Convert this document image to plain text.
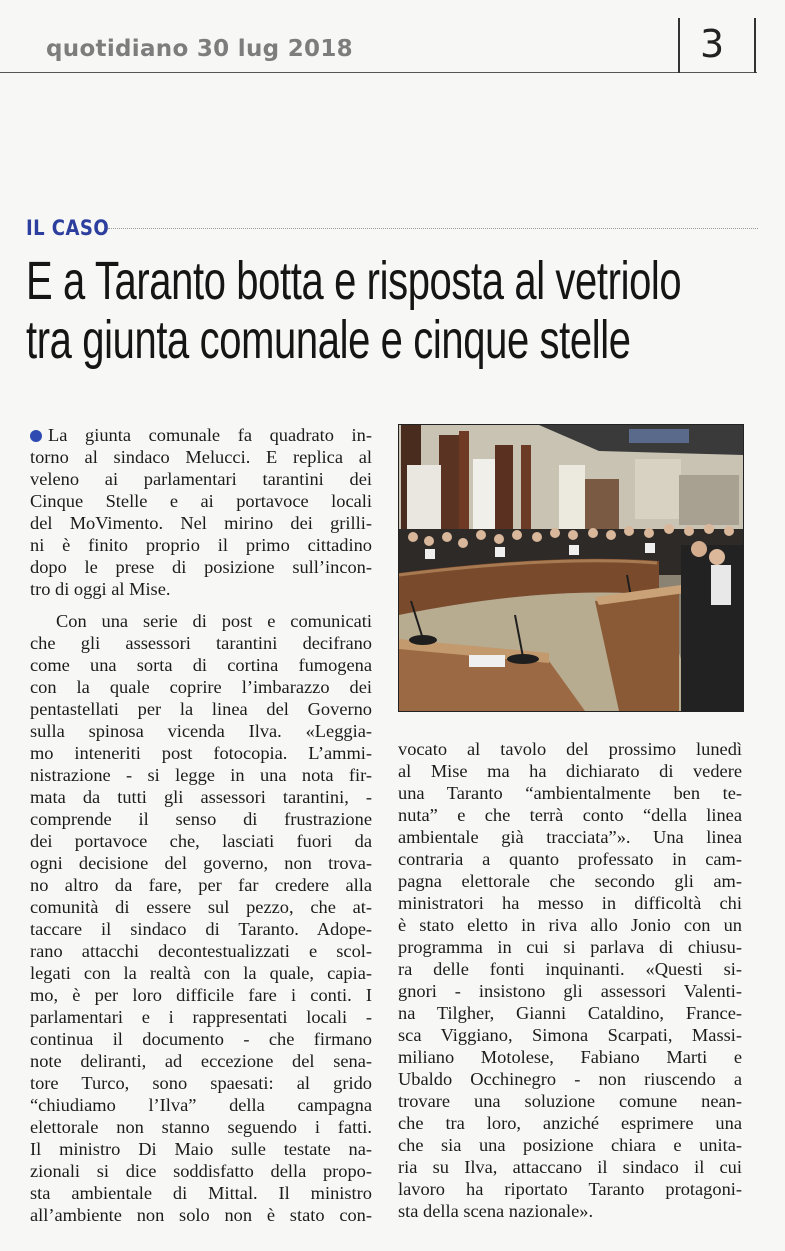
quotidiano 30 lug 2018	3
IL CASO
E a Taranto botta e risposta al vetriolo
tra giunta comunale e cinque stelle
La giunta comunale fa quadrato in-
torno al sindaco Melucci. E replica al
veleno ai parlamentari tarantini dei
Cinque Stelle e ai portavoce locali
del MoVimento. Nel mirino dei grilli-
ni è finito proprio il primo cittadino
dopo le prese di posizione sull’incon-
tro di oggi al Mise.
Con una serie di post e comunicati
che gli assessori tarantini decifrano
come una sorta di cortina fumogena
con la quale coprire l’imbarazzo dei
pentastellati per la linea del Governo
sulla spinosa vicenda Ilva. «Leggia-
mo inteneriti post fotocopia. L’ammi-
nistrazione - si legge in una nota fir-
mata da tutti gli assessori tarantini, -
comprende il senso di frustrazione
dei portavoce che, lasciati fuori da
ogni decisione del governo, non trova-
no altro da fare, per far credere alla
comunità di essere sul pezzo, che at-
taccare il sindaco di Taranto. Adope-
rano attacchi decontestualizzati e scol-
legati con la realtà con la quale, capia-
mo, è per loro difficile fare i conti. I
parlamentari e i rappresentati locali -
continua il documento - che firmano
note deliranti, ad eccezione del sena-
tore Turco, sono spaesati: al grido
“chiudiamo l’Ilva” della campagna
elettorale non stanno seguendo i fatti.
Il ministro Di Maio sulle testate na-
zionali si dice soddisfatto della propo-
sta ambientale di Mittal. Il ministro
all’ambiente non solo non è stato con-
vocato al tavolo del prossimo lunedì
al Mise ma ha dichiarato di vedere
una Taranto “ambientalmente ben te-
nuta” e che terrà conto “della linea
ambientale già tracciata”». Una linea
contraria a quanto professato in cam-
pagna elettorale che secondo gli am-
ministratori ha messo in difficoltà chi
è stato eletto in riva allo Jonio con un
programma in cui si parlava di chiusu-
ra delle fonti inquinanti. «Questi si-
gnori - insistono gli assessori Valenti-
na Tilgher, Gianni Cataldino, France-
sca Viggiano, Simona Scarpati, Massi-
miliano Motolese, Fabiano Marti e
Ubaldo Occhinegro - non riuscendo a
trovare una soluzione comune nean-
che tra loro, anziché esprimere una
che sia una posizione chiara e unita-
ria su Ilva, attaccano il sindaco il cui
lavoro ha riportato Taranto protagoni-
sta della scena nazionale».
